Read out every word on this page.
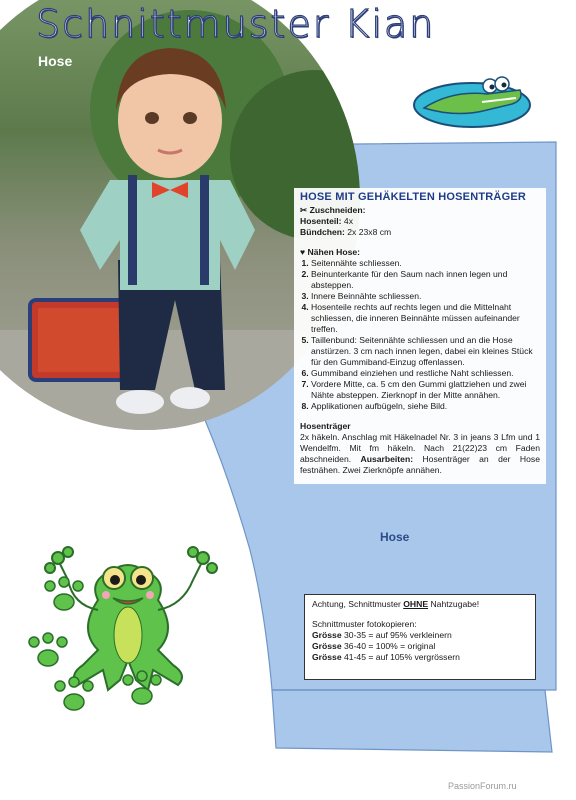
Schnittmuster Kian
Hose
HOSE MIT GEHÄKELTEN HOSENTRÄGER
✂ Zuschneiden:
Hosenteil: 4x
Bündchen: 2x 23x8 cm
♥ Nähen Hose:
1. Seitennähte schliessen.
2. Beinunterkante für den Saum nach innen legen und absteppen.
3. Innere Beinnähte schliessen.
4. Hosenteile rechts auf rechts legen und die Mittelnaht schliessen, die inneren Beinnähte müssen aufeinander treffen.
5. Taillenbund: Seitennähte schliessen und an die Hose anstürzen. 3 cm nach innen legen, dabei ein kleines Stück für den Gummiband-Einzug offenlassen.
6. Gummiband einziehen und restliche Naht schliessen.
7. Vordere Mitte, ca. 5 cm den Gummi glattziehen und zwei Nähte absteppen. Zierknopf in der Mitte annähen.
8. Applikationen aufbügeln, siehe Bild.
Hosenträger
2x häkeln. Anschlag mit Häkelnadel Nr. 3 in jeans 3 Lfm und 1 Wendelfm. Mit fm häkeln. Nach 21(22)23 cm Faden abschneiden. Ausarbeiten: Hosenträger an der Hose festnähen. Zwei Zierknöpfe annähen.
Hose
Achtung, Schnittmuster OHNE Nahtzugabe!
Schnittmuster fotokopieren:
Grösse 30-35 = auf 95% verkleinern
Grösse 36-40 = 100% = original
Grösse 41-45 = auf 105% vergrössern
PassionForum.ru
